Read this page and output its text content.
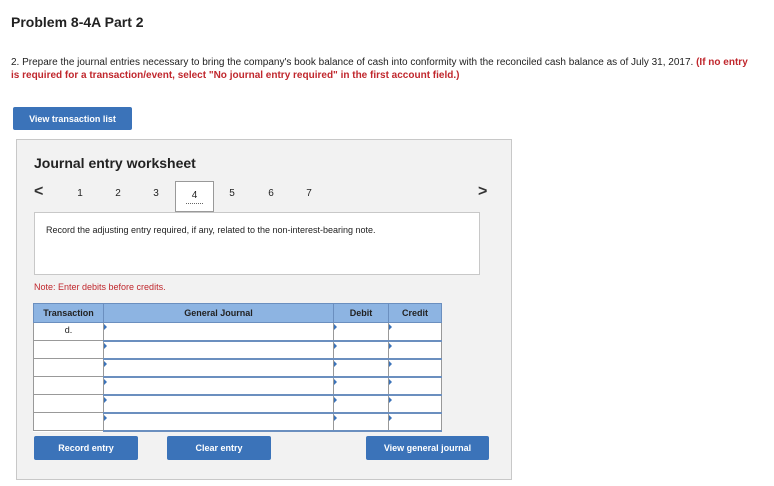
Problem 8-4A Part 2
2. Prepare the journal entries necessary to bring the company's book balance of cash into conformity with the reconciled cash balance as of July 31, 2017. (If no entry is required for a transaction/event, select "No journal entry required" in the first account field.)
View transaction list
Journal entry worksheet
<	1	2	3	4	5	6	7	>
Record the adjusting entry required, if any, related to the non-interest-bearing note.
Note: Enter debits before credits.
Transaction	General Journal	Debit	Credit
d.			

Record entry	Clear entry	View general journal
